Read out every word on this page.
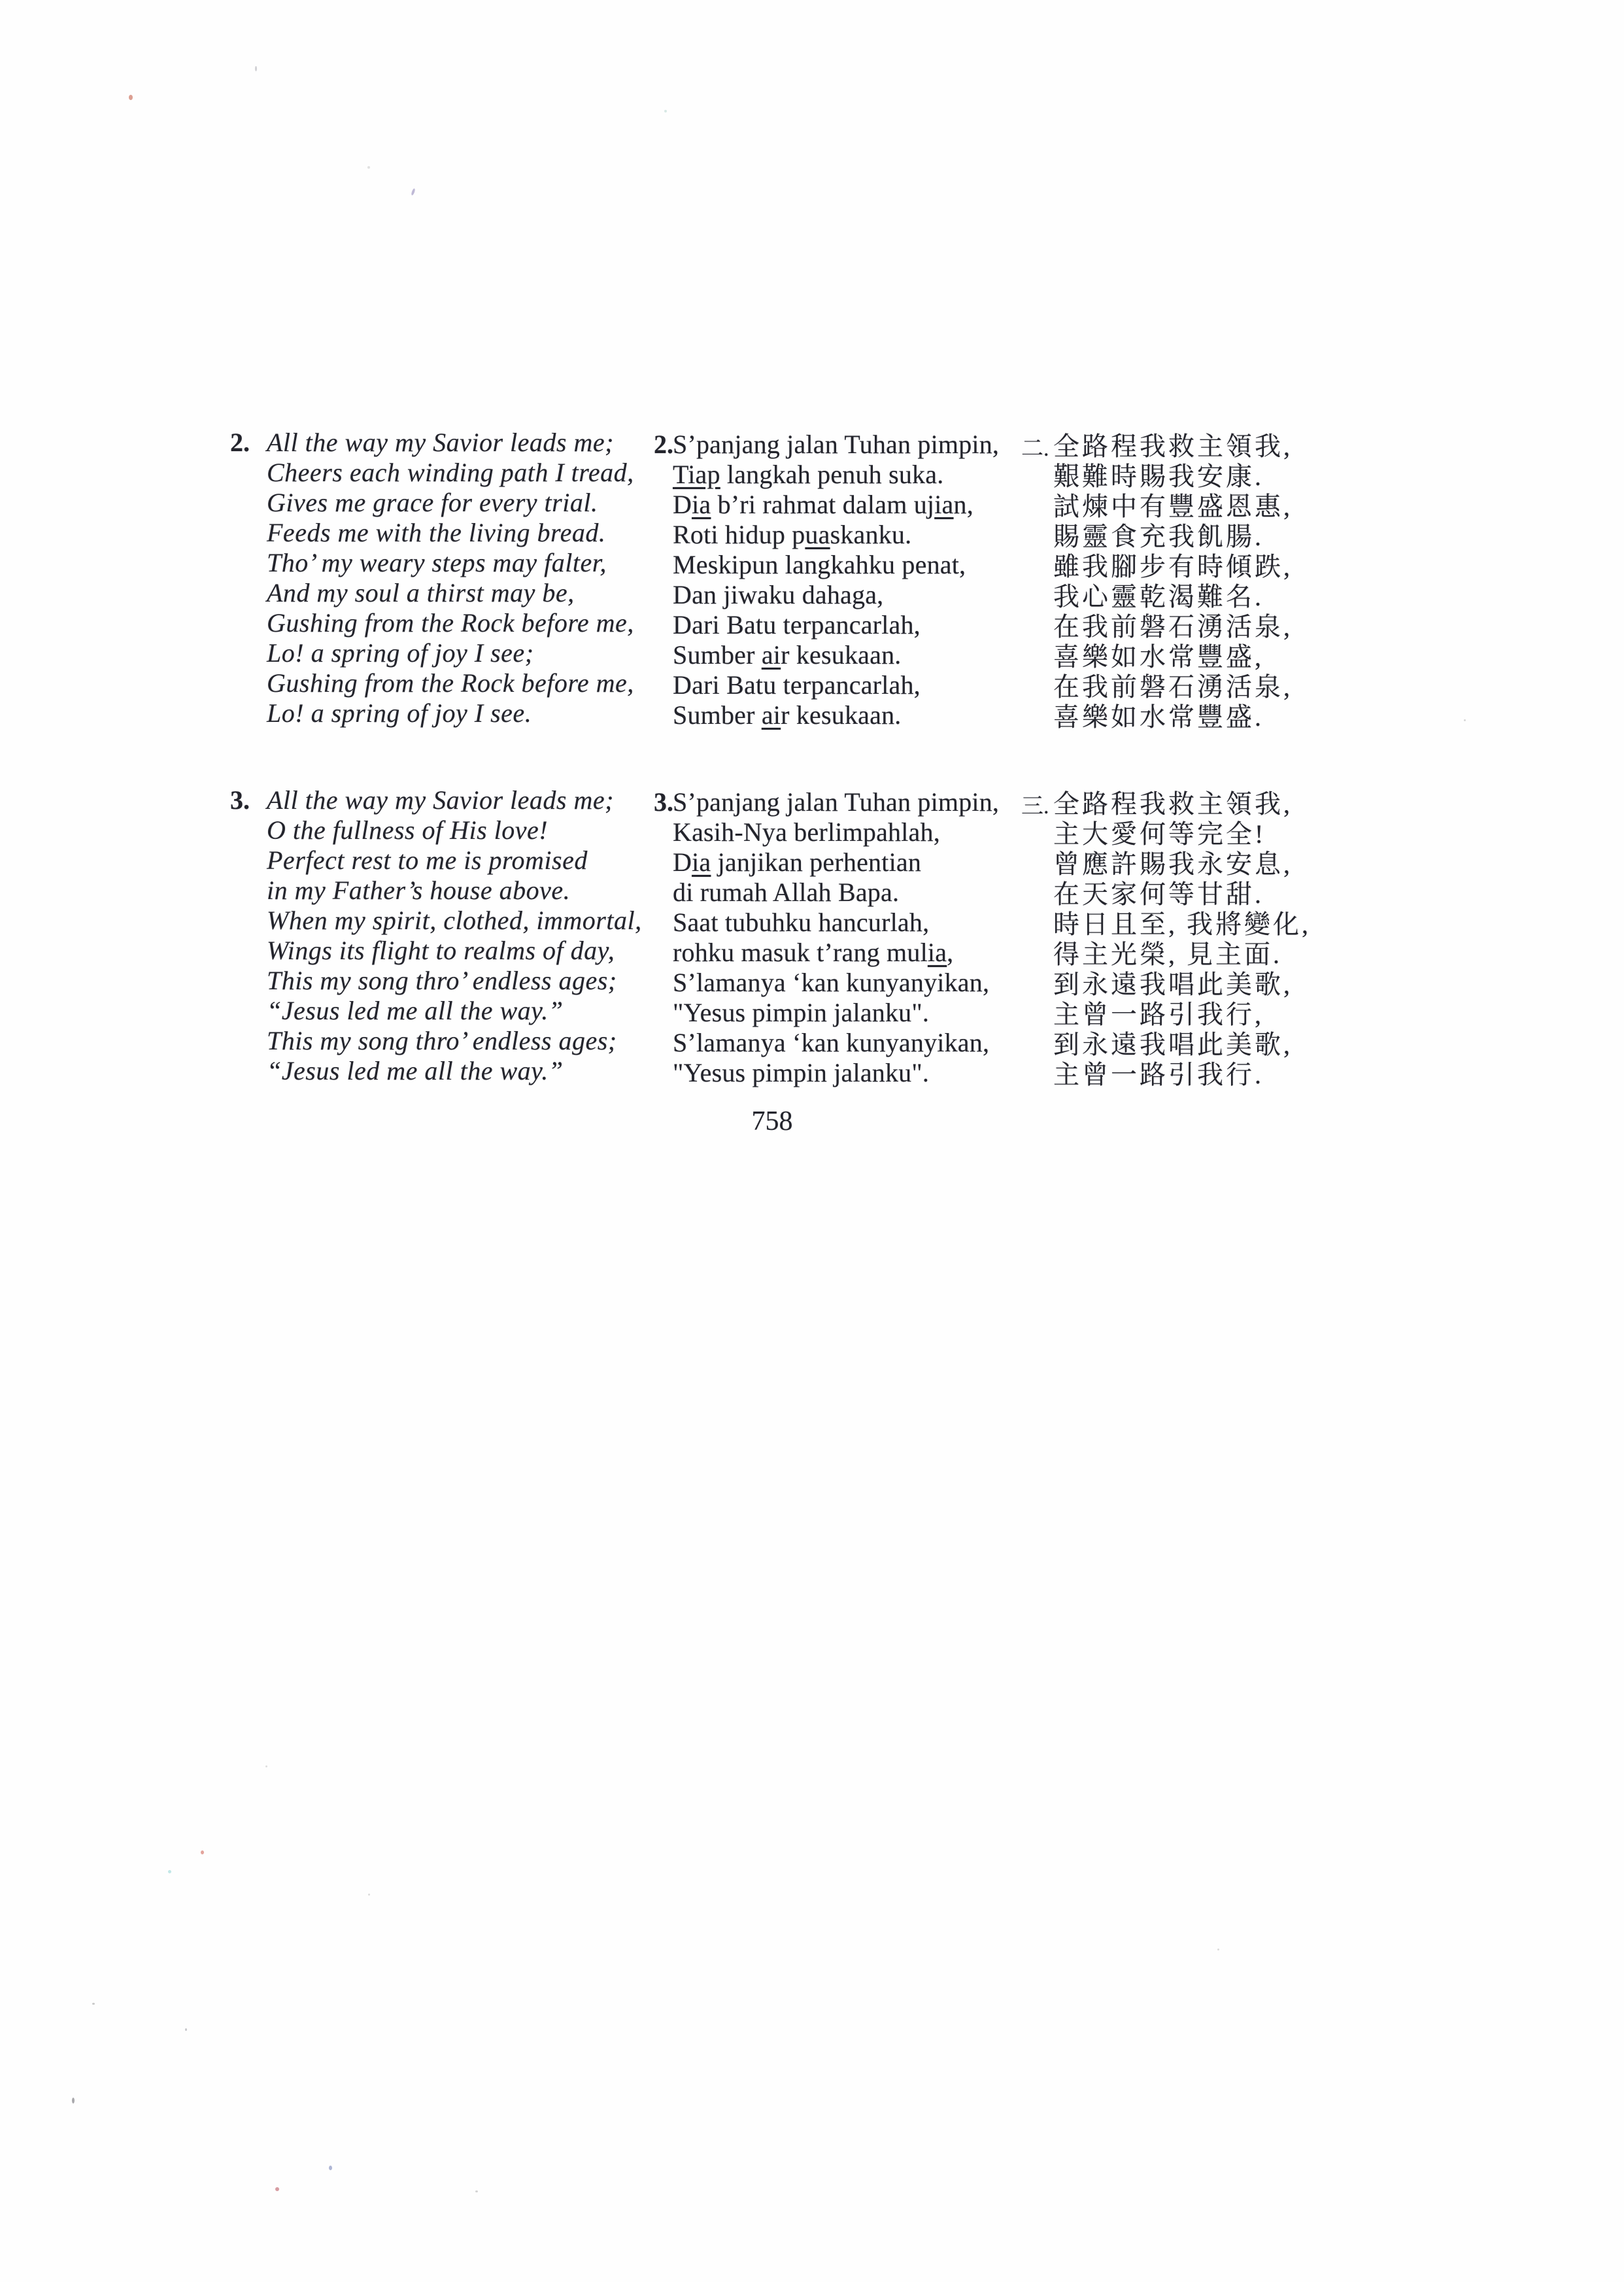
2. All the way my Savior leads me;
Cheers each winding path I tread,
Gives me grace for every trial.
Feeds me with the living bread.
Tho’ my weary steps may falter,
And my soul a thirst may be,
Gushing from the Rock before me,
Lo! a spring of joy I see;
Gushing from the Rock before me,
Lo! a spring of joy I see.
2. S’panjang jalan Tuhan pimpin,
Tiap langkah penuh suka.
Dia b’ri rahmat dalam ujian,
Roti hidup puaskanku.
Meskipun langkahku penat,
Dan jiwaku dahaga,
Dari Batu terpancarlah,
Sumber air kesukaan.
Dari Batu terpancarlah,
Sumber air kesukaan.
二. 全路程我救主領我,
艱難時賜我安康.
試煉中有豐盛恩惠,
賜靈食充我飢腸.
雖我腳步有時傾跌,
我心靈乾渴難名.
在我前磐石湧活泉,
喜樂如水常豐盛,
在我前磐石湧活泉,
喜樂如水常豐盛.
3. All the way my Savior leads me;
O the fullness of His love!
Perfect rest to me is promised
in my Father’s house above.
When my spirit, clothed, immortal,
Wings its flight to realms of day,
This my song thro’ endless ages;
“Jesus led me all the way.”
This my song thro’ endless ages;
“Jesus led me all the way.”
3. S’panjang jalan Tuhan pimpin,
Kasih-Nya berlimpahlah,
Dia janjikan perhentian
di rumah Allah Bapa.
Saat tubuhku hancurlah,
rohku masuk t’rang mulia,
S’lamanya ‘kan kunyanyikan,
"Yesus pimpin jalanku".
S’lamanya ‘kan kunyanyikan,
"Yesus pimpin jalanku".
三. 全路程我救主領我,
主大愛何等完全!
曾應許賜我永安息,
在天家何等甘甜.
時日且至, 我將變化,
得主光榮, 見主面.
到永遠我唱此美歌,
主曾一路引我行,
到永遠我唱此美歌,
主曾一路引我行.
758
